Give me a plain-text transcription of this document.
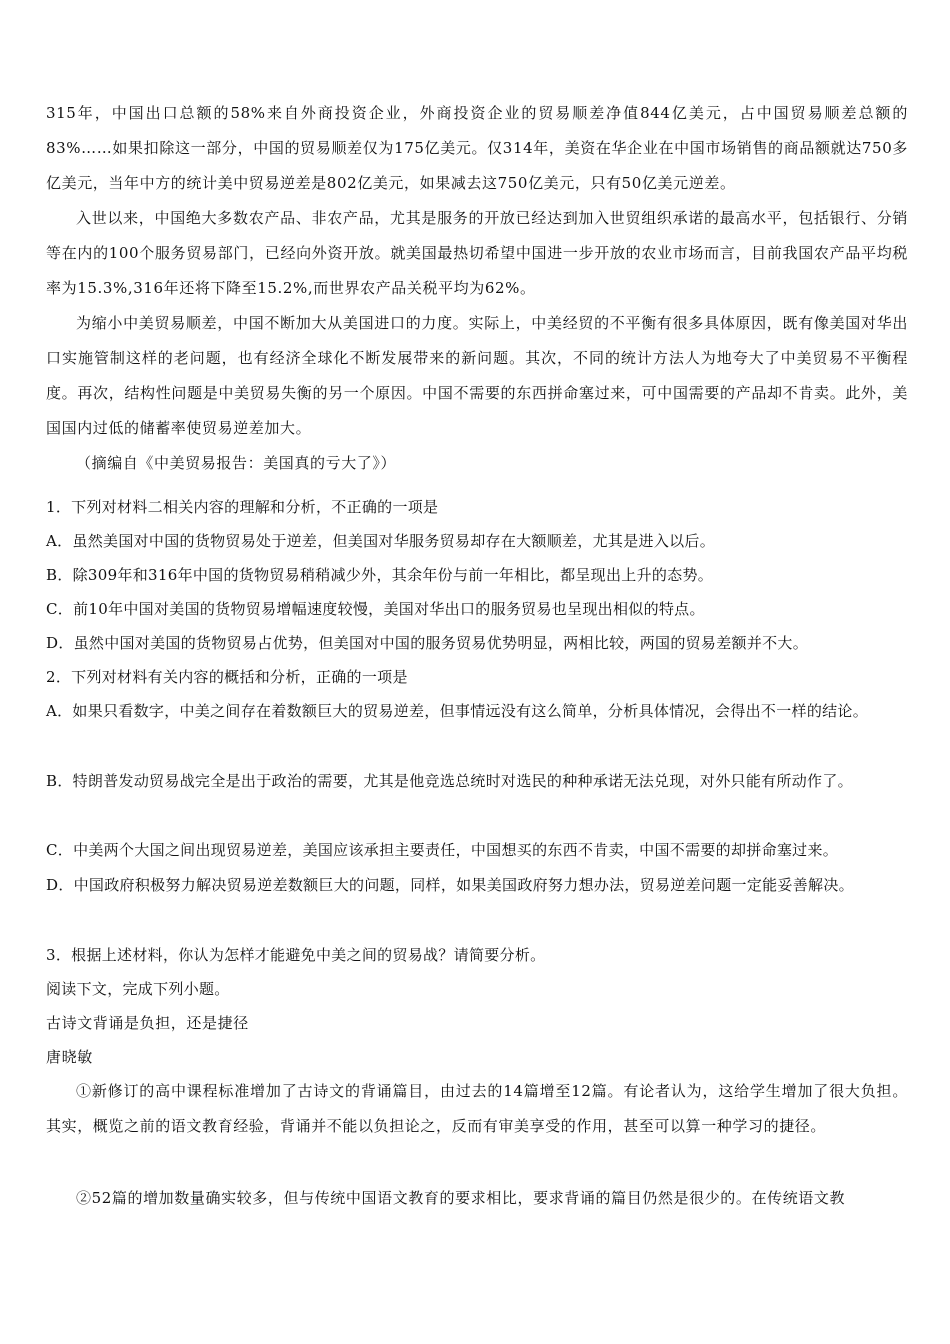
315年，中国出口总额的58%来自外商投资企业，外商投资企业的贸易顺差净值844亿美元，占中国贸易顺差总额的83%……如果扣除这一部分，中国的贸易顺差仅为175亿美元。仅314年，美资在华企业在中国市场销售的商品额就达750多亿美元，当年中方的统计美中贸易逆差是802亿美元，如果减去这750亿美元，只有50亿美元逆差。

入世以来，中国绝大多数农产品、非农产品，尤其是服务的开放已经达到加入世贸组织承诺的最高水平，包括银行、分销等在内的100个服务贸易部门，已经向外资开放。就美国最热切希望中国进一步开放的农业市场而言，目前我国农产品平均税率为15.3%,316年还将下降至15.2%,而世界农产品关税平均为62%。

为缩小中美贸易顺差，中国不断加大从美国进口的力度。实际上，中美经贸的不平衡有很多具体原因，既有像美国对华出口实施管制这样的老问题，也有经济全球化不断发展带来的新问题。其次，不同的统计方法人为地夸大了中美贸易不平衡程度。再次，结构性问题是中美贸易失衡的另一个原因。中国不需要的东西拼命塞过来，可中国需要的产品却不肯卖。此外，美国国内过低的储蓄率使贸易逆差加大。

（摘编自《中美贸易报告：美国真的亏大了》）

1．下列对材料二相关内容的理解和分析，不正确的一项是

A．虽然美国对中国的货物贸易处于逆差，但美国对华服务贸易却存在大额顺差，尤其是进入以后。

B．除309年和316年中国的货物贸易稍稍减少外，其余年份与前一年相比，都呈现出上升的态势。

C．前10年中国对美国的货物贸易增幅速度较慢，美国对华出口的服务贸易也呈现出相似的特点。

D．虽然中国对美国的货物贸易占优势，但美国对中国的服务贸易优势明显，两相比较，两国的贸易差额并不大。

2．下列对材料有关内容的概括和分析，正确的一项是

A．如果只看数字，中美之间存在着数额巨大的贸易逆差，但事情远没有这么简单，分析具体情况，会得出不一样的结论。

B．特朗普发动贸易战完全是出于政治的需要，尤其是他竞选总统时对选民的种种承诺无法兑现，对外只能有所动作了。

C．中美两个大国之间出现贸易逆差，美国应该承担主要责任，中国想买的东西不肯卖，中国不需要的却拼命塞过来。

D．中国政府积极努力解决贸易逆差数额巨大的问题，同样，如果美国政府努力想办法，贸易逆差问题一定能妥善解决。

3．根据上述材料，你认为怎样才能避免中美之间的贸易战？请简要分析。

阅读下文，完成下列小题。

古诗文背诵是负担，还是捷径

唐晓敏

①新修订的高中课程标准增加了古诗文的背诵篇目，由过去的14篇增至12篇。有论者认为，这给学生增加了很大负担。其实，概览之前的语文教育经验，背诵并不能以负担论之，反而有审美享受的作用，甚至可以算一种学习的捷径。

②52篇的增加数量确实较多，但与传统中国语文教育的要求相比，要求背诵的篇目仍然是很少的。在传统语文教
